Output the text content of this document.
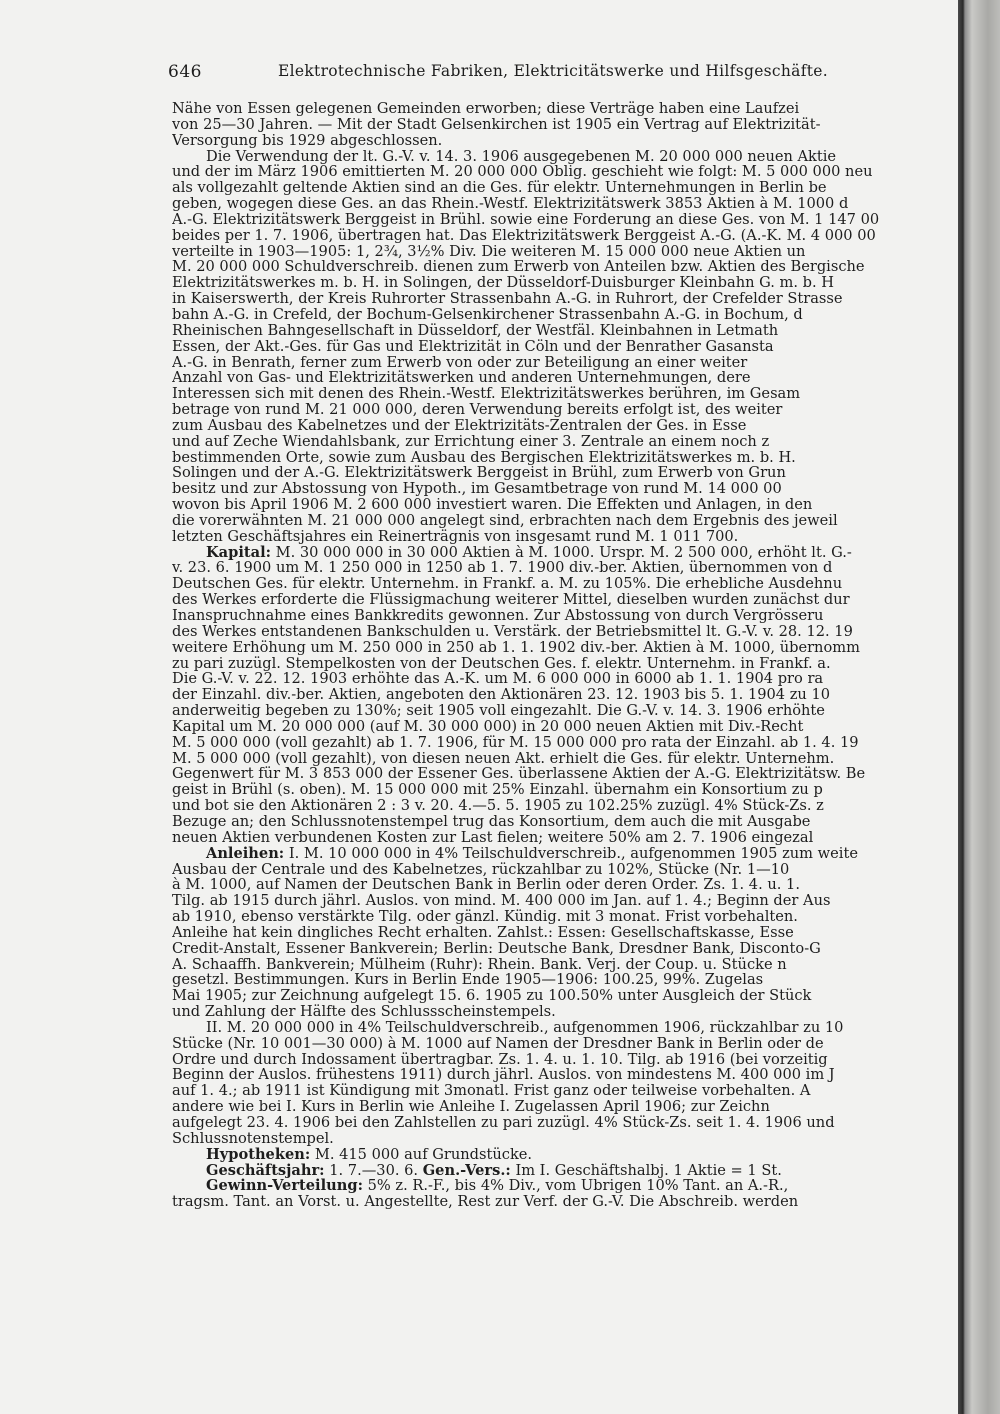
646	Elektrotechnische Fabriken, Elektricitätswerke und Hilfsgeschäfte.
Nähe von Essen gelegenen Gemeinden erworben; diese Verträge haben eine Laufzei
von 25—30 Jahren. — Mit der Stadt Gelsenkirchen ist 1905 ein Vertrag auf Elektrizität-
Versorgung bis 1929 abgeschlossen.
Die Verwendung der lt. G.-V. v. 14. 3. 1906 ausgegebenen M. 20 000 000 neuen Aktie
und der im März 1906 emittierten M. 20 000 000 Oblig. geschieht wie folgt: M. 5 000 000 neu
als vollgezahlt geltende Aktien sind an die Ges. für elektr. Unternehmungen in Berlin be
geben, wogegen diese Ges. an das Rhein.-Westf. Elektrizitätswerk 3853 Aktien à M. 1000 d
A.-G. Elektrizitätswerk Berggeist in Brühl. sowie eine Forderung an diese Ges. von M. 1 147 00
beides per 1. 7. 1906, übertragen hat. Das Elektrizitätswerk Berggeist A.-G. (A.-K. M. 4 000 00
verteilte in 1903—1905: 1, 2¾, 3½% Div. Die weiteren M. 15 000 000 neue Aktien un
M. 20 000 000 Schuldverschreib. dienen zum Erwerb von Anteilen bzw. Aktien des Bergische
Elektrizitätswerkes m. b. H. in Solingen, der Düsseldorf-Duisburger Kleinbahn G. m. b. H
in Kaiserswerth, der Kreis Ruhrorter Strassenbahn A.-G. in Ruhrort, der Crefelder Strasse
bahn A.-G. in Crefeld, der Bochum-Gelsenkirchener Strassenbahn A.-G. in Bochum, d
Rheinischen Bahngesellschaft in Düsseldorf, der Westfäl. Kleinbahnen in Letmath
Essen, der Akt.-Ges. für Gas und Elektrizität in Cöln und der Benrather Gasansta
A.-G. in Benrath, ferner zum Erwerb von oder zur Beteiligung an einer weiter
Anzahl von Gas- und Elektrizitätswerken und anderen Unternehmungen, dere
Interessen sich mit denen des Rhein.-Westf. Elektrizitätswerkes berühren, im Gesam
betrage von rund M. 21 000 000, deren Verwendung bereits erfolgt ist, des weiter
zum Ausbau des Kabelnetzes und der Elektrizitäts-Zentralen der Ges. in Esse
und auf Zeche Wiendahlsbank, zur Errichtung einer 3. Zentrale an einem noch z
bestimmenden Orte, sowie zum Ausbau des Bergischen Elektrizitätswerkes m. b. H.
Solingen und der A.-G. Elektrizitätswerk Berggeist in Brühl, zum Erwerb von Grun
besitz und zur Abstossung von Hypoth., im Gesamtbetrage von rund M. 14 000 00
wovon bis April 1906 M. 2 600 000 investiert waren. Die Effekten und Anlagen, in den
die vorerwähnten M. 21 000 000 angelegt sind, erbrachten nach dem Ergebnis des jeweil
letzten Geschäftsjahres ein Reinerträgnis von insgesamt rund M. 1 011 700.
Kapital: M. 30 000 000 in 30 000 Aktien à M. 1000. Urspr. M. 2 500 000, erhöht lt. G.-
v. 23. 6. 1900 um M. 1 250 000 in 1250 ab 1. 7. 1900 div.-ber. Aktien, übernommen von d
Deutschen Ges. für elektr. Unternehm. in Frankf. a. M. zu 105%. Die erhebliche Ausdehnu
des Werkes erforderte die Flüssigmachung weiterer Mittel, dieselben wurden zunächst dur
Inanspruchnahme eines Bankkredits gewonnen. Zur Abstossung von durch Vergrösseru
des Werkes entstandenen Bankschulden u. Verstärk. der Betriebsmittel lt. G.-V. v. 28. 12. 19
weitere Erhöhung um M. 250 000 in 250 ab 1. 1. 1902 div.-ber. Aktien à M. 1000, übernomm
zu pari zuzügl. Stempelkosten von der Deutschen Ges. f. elektr. Unternehm. in Frankf. a.
Die G.-V. v. 22. 12. 1903 erhöhte das A.-K. um M. 6 000 000 in 6000 ab 1. 1. 1904 pro ra
der Einzahl. div.-ber. Aktien, angeboten den Aktionären 23. 12. 1903 bis 5. 1. 1904 zu 10
anderweitig begeben zu 130%; seit 1905 voll eingezahlt. Die G.-V. v. 14. 3. 1906 erhöhte
Kapital um M. 20 000 000 (auf M. 30 000 000) in 20 000 neuen Aktien mit Div.-Recht
M. 5 000 000 (voll gezahlt) ab 1. 7. 1906, für M. 15 000 000 pro rata der Einzahl. ab 1. 4. 19
M. 5 000 000 (voll gezahlt), von diesen neuen Akt. erhielt die Ges. für elektr. Unternehm.
Gegenwert für M. 3 853 000 der Essener Ges. überlassene Aktien der A.-G. Elektrizitätsw. Be
geist in Brühl (s. oben). M. 15 000 000 mit 25% Einzahl. übernahm ein Konsortium zu p
und bot sie den Aktionären 2 : 3 v. 20. 4.—5. 5. 1905 zu 102.25% zuzügl. 4% Stück-Zs. z
Bezuge an; den Schlussnotenstempel trug das Konsortium, dem auch die mit Ausgabe
neuen Aktien verbundenen Kosten zur Last fielen; weitere 50% am 2. 7. 1906 eingezal
Anleihen: I. M. 10 000 000 in 4% Teilschuldverschreib., aufgenommen 1905 zum weite
Ausbau der Centrale und des Kabelnetzes, rückzahlbar zu 102%, Stücke (Nr. 1—10
à M. 1000, auf Namen der Deutschen Bank in Berlin oder deren Order. Zs. 1. 4. u. 1.
Tilg. ab 1915 durch jährl. Auslos. von mind. M. 400 000 im Jan. auf 1. 4.; Beginn der Aus
ab 1910, ebenso verstärkte Tilg. oder gänzl. Kündig. mit 3 monat. Frist vorbehalten.
Anleihe hat kein dingliches Recht erhalten. Zahlst.: Essen: Gesellschaftskasse, Esse
Credit-Anstalt, Essener Bankverein; Berlin: Deutsche Bank, Dresdner Bank, Disconto-G
A. Schaaffh. Bankverein; Mülheim (Ruhr): Rhein. Bank. Verj. der Coup. u. Stücke n
gesetzl. Bestimmungen. Kurs in Berlin Ende 1905—1906: 100.25, 99%. Zugelas
Mai 1905; zur Zeichnung aufgelegt 15. 6. 1905 zu 100.50% unter Ausgleich der Stück
und Zahlung der Hälfte des Schlussscheinstempels.
II. M. 20 000 000 in 4% Teilschuldverschreib., aufgenommen 1906, rückzahlbar zu 10
Stücke (Nr. 10 001—30 000) à M. 1000 auf Namen der Dresdner Bank in Berlin oder de
Ordre und durch Indossament übertragbar. Zs. 1. 4. u. 1. 10. Tilg. ab 1916 (bei vorzeitig
Beginn der Auslos. frühestens 1911) durch jährl. Auslos. von mindestens M. 400 000 im J
auf 1. 4.; ab 1911 ist Kündigung mit 3monatl. Frist ganz oder teilweise vorbehalten. A
andere wie bei I. Kurs in Berlin wie Anleihe I. Zugelassen April 1906; zur Zeichn
aufgelegt 23. 4. 1906 bei den Zahlstellen zu pari zuzügl. 4% Stück-Zs. seit 1. 4. 1906 und
Schlussnotenstempel.
Hypotheken: M. 415 000 auf Grundstücke.
Geschäftsjahr: 1. 7.—30. 6. Gen.-Vers.: Im I. Geschäftshalbj. 1 Aktie = 1 St.
Gewinn-Verteilung: 5% z. R.-F., bis 4% Div., vom Übrigen 10% Tant. an A.-R.,
tragsm. Tant. an Vorst. u. Angestellte, Rest zur Verf. der G.-V. Die Abschreib. werden
